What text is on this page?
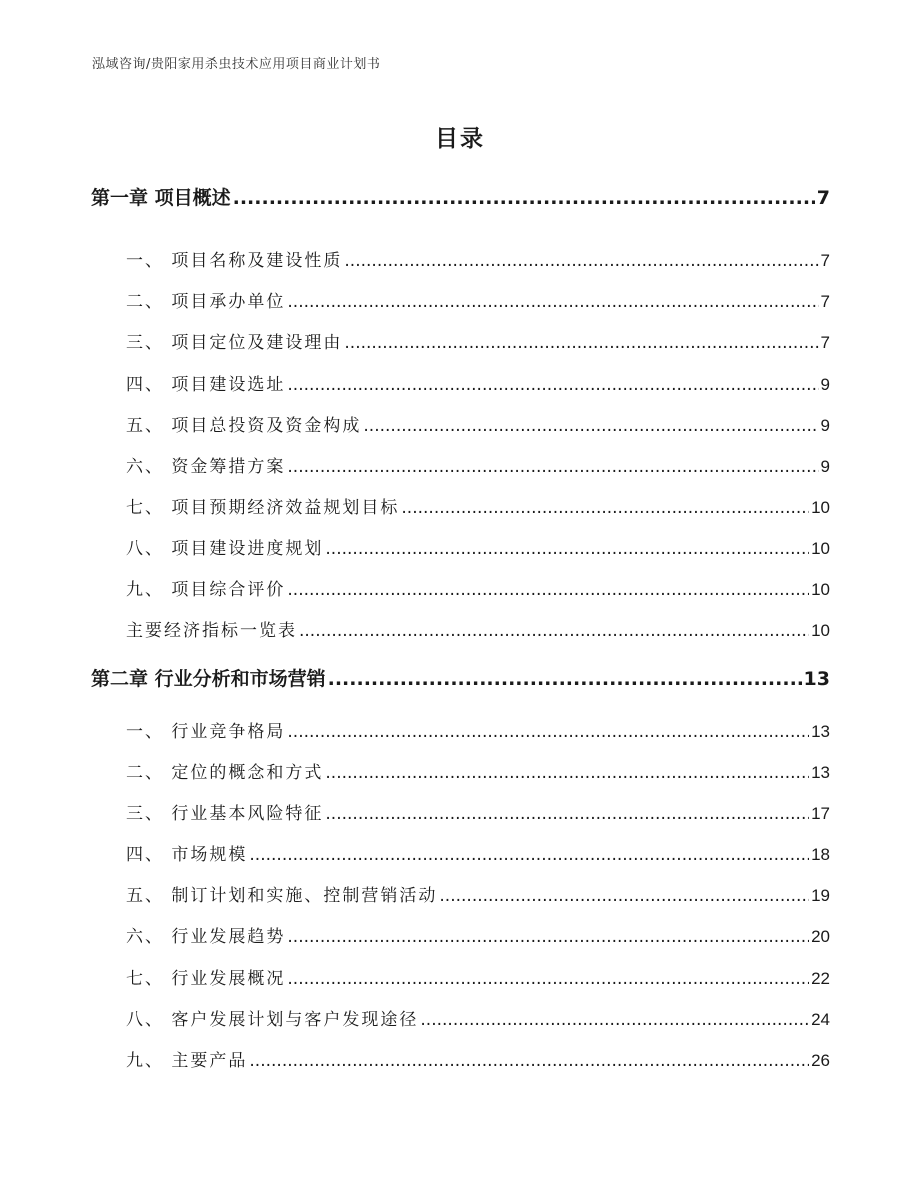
泓域咨询/贵阳家用杀虫技术应用项目商业计划书
目录
第一章 项目概述 .....	7
一、 项目名称及建设性质 .....	7
二、 项目承办单位 .....	7
三、 项目定位及建设理由 .....	7
四、 项目建设选址 .....	9
五、 项目总投资及资金构成 .....	9
六、 资金筹措方案 .....	9
七、 项目预期经济效益规划目标 .....	10
八、 项目建设进度规划 .....	10
九、 项目综合评价 .....	10
主要经济指标一览表 .....	10
第二章 行业分析和市场营销 .....	13
一、 行业竞争格局 .....	13
二、 定位的概念和方式 .....	13
三、 行业基本风险特征 .....	17
四、 市场规模 .....	18
五、 制订计划和实施、控制营销活动 .....	19
六、 行业发展趋势 .....	20
七、 行业发展概况 .....	22
八、 客户发展计划与客户发现途径 .....	24
九、 主要产品 .....	26
